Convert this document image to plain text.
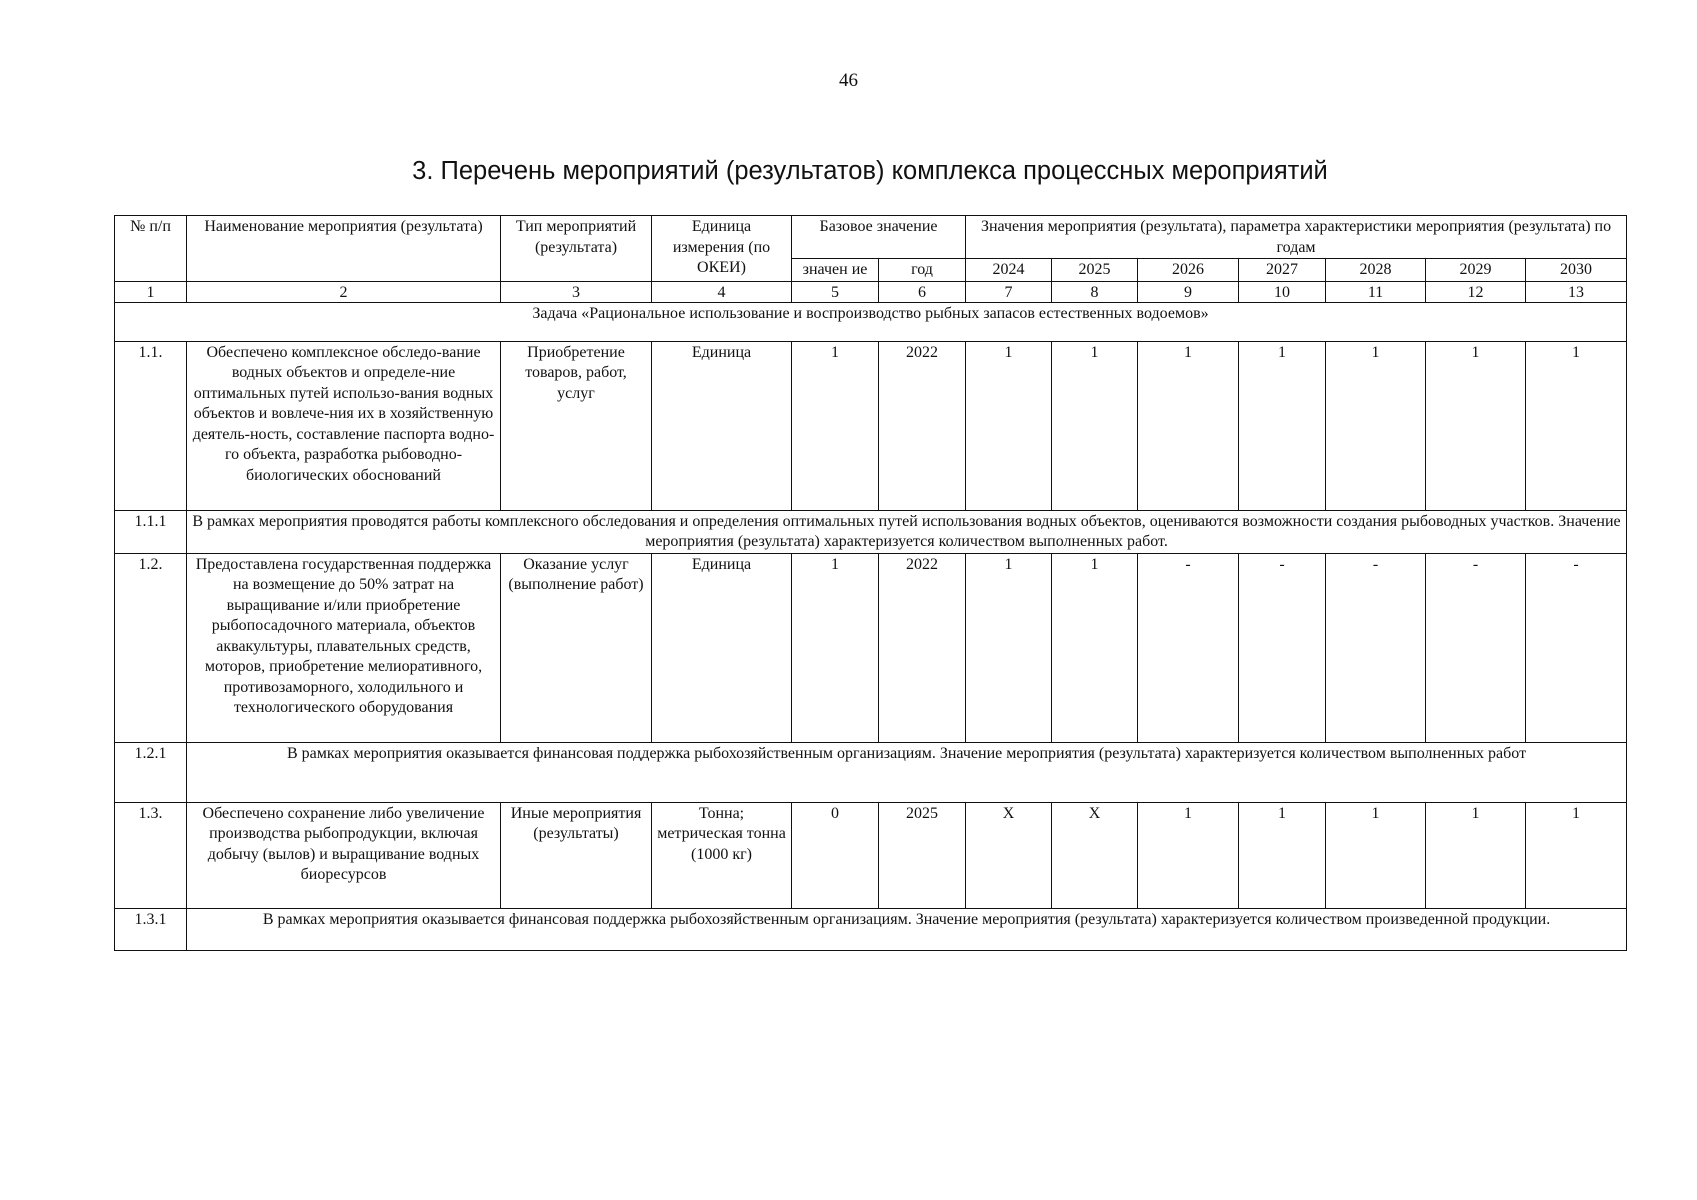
46
3. Перечень мероприятий (результатов) комплекса процессных мероприятий
№ п/п	Наименование мероприятия (результата)	Тип мероприятий (результата)	Единица измерения (по ОКЕИ)	Базовое значение		Значения мероприятия (результата), параметра характеристики мероприятия (результата) по годам						
				значен ие	год	2024	2025	2026	2027	2028	2029	2030
1	2	3	4	5	6	7	8	9	10	11	12	13
Задача «Рациональное использование и воспроизводство рыбных запасов естественных водоемов»												
1.1.	Обеспечено комплексное обследо-вание водных объектов и определе-ние оптимальных путей использо-вания водных объектов и вовлече-ния их в хозяйственную деятель-ность, составление паспорта водно-го объекта, разработка рыбоводно-биологических обоснований	Приобретение товаров, работ, услуг	Единица	1	2022	1	1	1	1	1	1	1
1.1.1	В рамках мероприятия проводятся работы комплексного обследования и определения оптимальных путей использования водных объектов, оцениваются возможности создания рыбоводных участков. Значение мероприятия (результата) характеризуется количеством выполненных работ.											
1.2.	Предоставлена государственная поддержка на возмещение до 50% затрат на выращивание и/или приобретение рыбопосадочного материала, объектов аквакультуры, плавательных средств, моторов, приобретение мелиоративного, противозаморного, холодильного и технологического оборудования	Оказание услуг (выполнение работ)	Единица	1	2022	1	1	-	-	-	-	-
1.2.1	В рамках мероприятия оказывается финансовая поддержка рыбохозяйственным организациям. Значение мероприятия (результата) характеризуется количеством выполненных работ											
1.3.	Обеспечено сохранение либо увеличение производства рыбопродукции, включая добычу (вылов) и выращивание водных биоресурсов	Иные мероприятия (результаты)	Тонна; метрическая тонна (1000 кг)	0	2025	X	X	1	1	1	1	1
1.3.1	В рамках мероприятия оказывается финансовая поддержка рыбохозяйственным организациям. Значение мероприятия (результата) характеризуется количеством произведенной продукции.											
